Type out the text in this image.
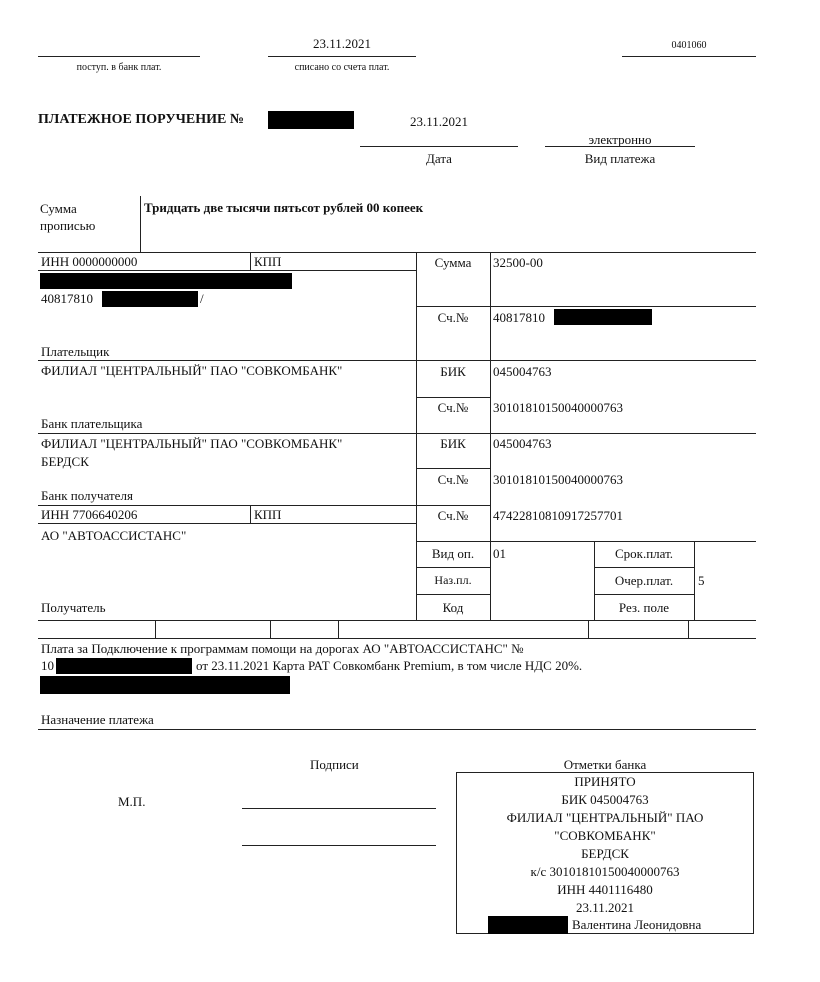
поступ. в банк плат.
23.11.2021
списано со счета плат.
0401060
ПЛАТЕЖНОЕ ПОРУЧЕНИЕ №	23.11.2021
Дата
электронно
Вид платежа
Сумма
прописью
Тридцать две тысячи пятьсот рублей 00 копеек
ИНН 0000000000	КПП
40817810	/
Плательщик
ФИЛИАЛ "ЦЕНТРАЛЬНЫЙ" ПАО "СОВКОМБАНК"
Банк плательщика
ФИЛИАЛ "ЦЕНТРАЛЬНЫЙ" ПАО "СОВКОМБАНК"
БЕРДСК
Банк получателя
ИНН 7706640206	КПП
АО "АВТОАССИСТАНС"
Получатель
Сумма	32500-00
Сч.№	40817810
БИК	045004763
Сч.№	30101810150040000763
БИК	045004763
Сч.№	30101810150040000763
Сч.№	47422810810917257701
Вид оп.	01
Наз.пл.
Код
Срок.плат.
Очер.плат.	5
Рез. поле
Плата за Подключение к программам помощи на дорогах АО "АВТОАССИСТАНС" №
10	от 23.11.2021 Карта РАТ Совкомбанк Premium, в том числе НДС 20%.
Назначение платежа
Подписи
М.П.
Отметки банка
ПРИНЯТО
БИК 045004763
ФИЛИАЛ "ЦЕНТРАЛЬНЫЙ" ПАО
"СОВКОМБАНК"
БЕРДСК
к/с 30101810150040000763
ИНН 4401116480
23.11.2021
Валентина Леонидовна
